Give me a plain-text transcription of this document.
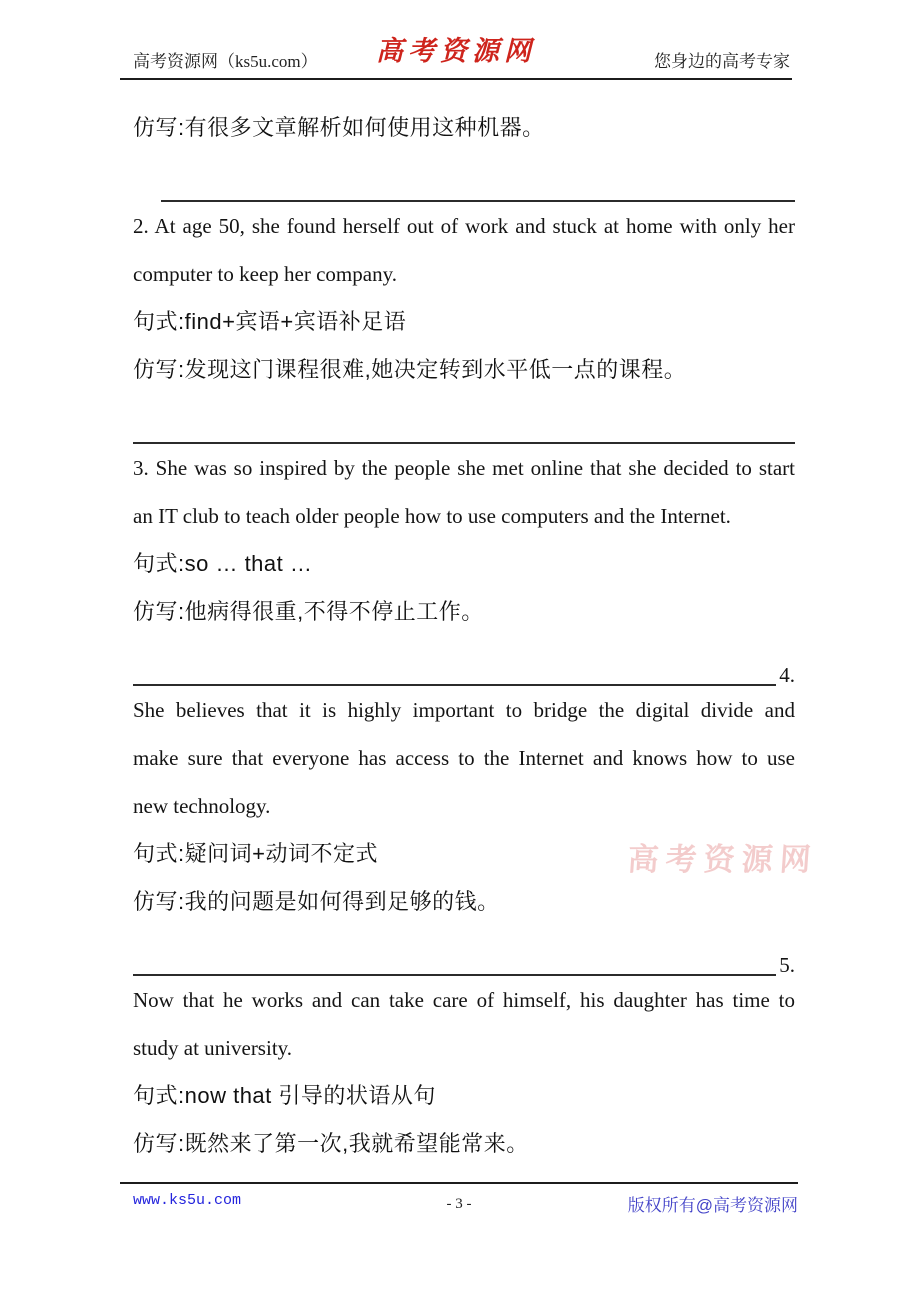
高考资源网（ks5u.com）	高考资源网	您身边的高考专家
高考资源网
仿写:有很多文章解析如何使用这种机器。
2. At age 50, she found herself out of work and stuck at home with only her
computer to keep her company.
句式:find+宾语+宾语补足语
仿写:发现这门课程很难,她决定转到水平低一点的课程。
3. She was so inspired by the people she met online that she decided to start
an IT club to teach older people how to use computers and the Internet.
句式:so … that …
仿写:他病得很重,不得不停止工作。
4.
She believes that it is highly important to bridge the digital divide and
make sure that everyone has access to the Internet and knows how to use
new technology.
句式:疑问词+动词不定式
仿写:我的问题是如何得到足够的钱。
5.
Now that he works and can take care of himself, his daughter has time to
study at university.
句式:now that 引导的状语从句
仿写:既然来了第一次,我就希望能常来。
www.ks5u.com	- 3 -	版权所有@高考资源网
